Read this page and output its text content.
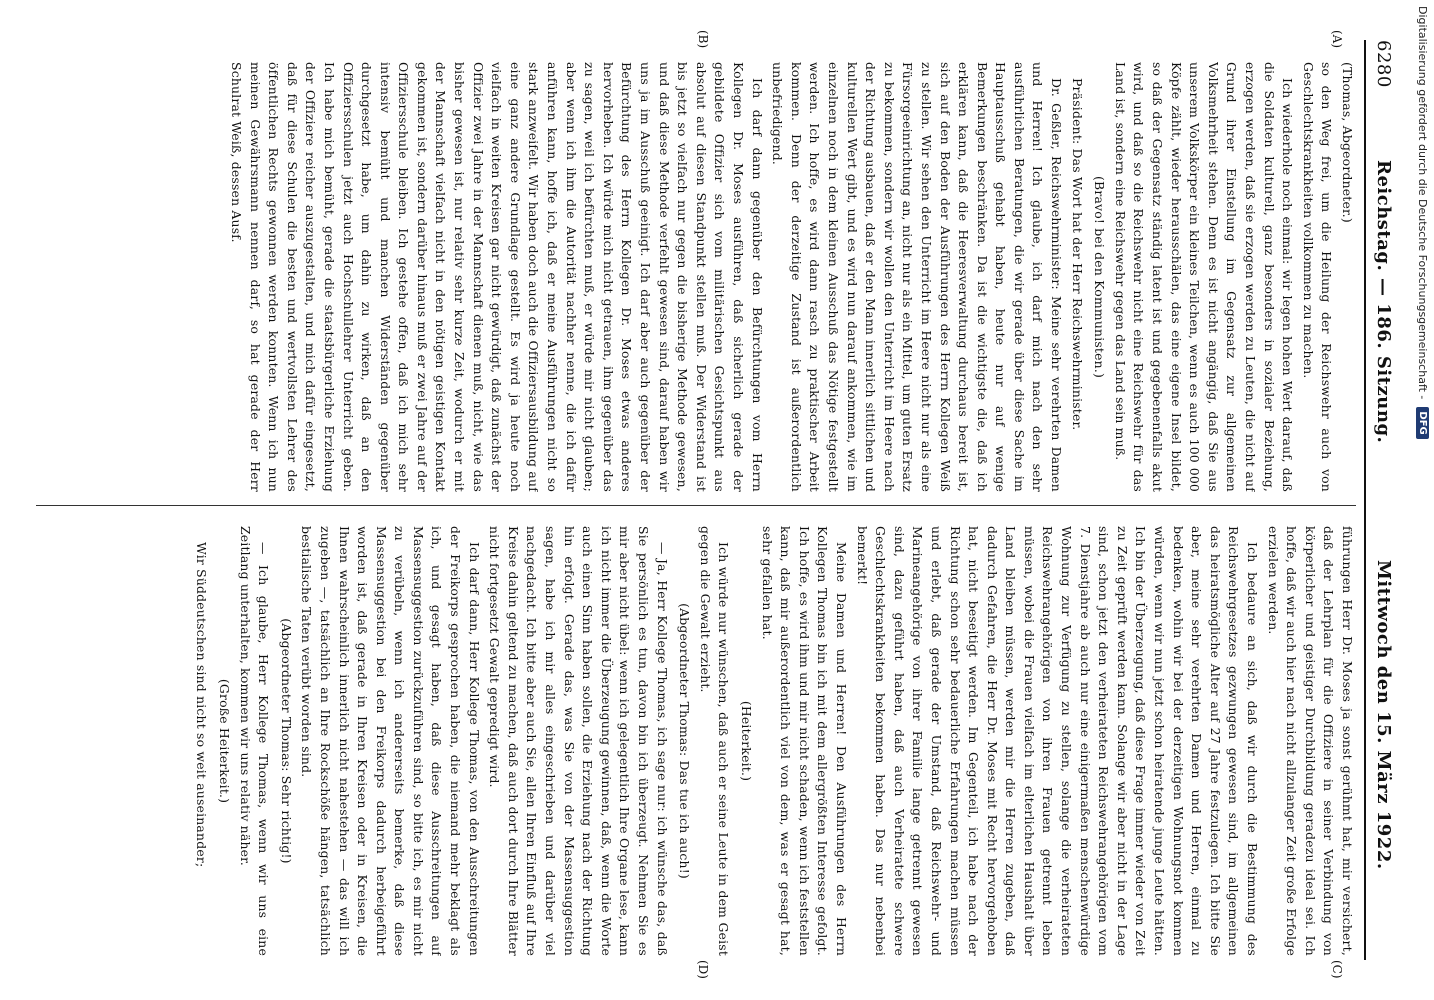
6280
Reichstag. — 186. Sitzung.
Mittwoch den 15. März 1922.
(A)
(B)
(C)
(D)

(Thomas, Abgeordneter.)

so den Weg frei, um die Heilung der Reichswehr auch von Geschlechtskrankheiten vollkommen zu machen.

Ich wiederhole noch einmal: wir legen hohen Wert darauf, daß die Soldaten kulturell, ganz besonders in sozialer Beziehung, erzogen werden, daß sie erzogen werden zu Leuten, die nicht auf Grund ihrer Einstellung im Gegensatz zur allgemeinen Volksmehrheit stehen. Denn es ist nicht angängig, daß Sie aus unserem Volkskörper ein kleines Teilchen, wenn es auch 100 000 Köpfe zählt, wieder herausschälen, das eine eigene Insel bildet, so daß der Gegensatz ständig latent ist und gegebenenfalls akut wird, und daß so die Reichswehr nicht eine Reichswehr für das Land ist, sondern eine Reichswehr gegen das Land sein muß.

(Bravo! bei den Kommunisten.)

Präsident: Das Wort hat der Herr Reichswehrminister.

Dr. Geßler, Reichswehrminister: Meine sehr verehrten Damen und Herren! Ich glaube, ich darf mich nach den sehr ausführlichen Beratungen, die wir gerade über diese Sache im Hauptausschuß gehabt haben, heute nur auf wenige Bemerkungen beschränken. Da ist die wichtigste die, daß ich erklären kann, daß die Heeresverwaltung durchaus bereit ist, sich auf den Boden der Ausführungen des Herrn Kollegen Weiß zu stellen. Wir sehen den Unterricht im Heere nicht nur als eine Fürsorgeeinrichtung an, nicht nur als ein Mittel, um guten Ersatz zu bekommen, sondern wir wollen den Unterricht im Heere nach der Richtung ausbauen, daß er den Mann innerlich sittlichen und kulturellen Wert gibt, und es wird nun darauf ankommen, wie im einzelnen noch in dem kleinen Ausschuß das Nötige festgestellt werden. Ich hoffe, es wird dann rasch zu praktischer Arbeit kommen. Denn der derzeitige Zustand ist außerordentlich unbefriedigend.

Ich darf dann gegenüber den Befürchtungen vom Herrn Kollegen Dr. Moses ausführen, daß sicherlich gerade der gebildete Offizier sich vom militärischen Gesichtspunkt aus absolut auf diesen Standpunkt stellen muß. Der Widerstand ist bis jetzt so vielfach nur gegen die bisherige Methode gewesen, und daß diese Methode verfehlt gewesen sind, darauf haben wir uns ja im Ausschuß geeinigt. Ich darf aber auch gegenüber der Befürchtung des Herrn Kollegen Dr. Moses etwas anderes hervorheben. Ich würde mich nicht getrauen, ihm gegenüber das zu sagen, weil ich befürchten muß, er würde mir nicht glauben; aber wenn ich ihm die Autorität nachher nenne, die ich dafür anführen kann, hoffe ich, daß er meine Ausführungen nicht so stark anzweifelt. Wir haben doch auch die Offiziersausbildung auf eine ganz andere Grundlage gestellt. Es wird ja heute noch vielfach in weiten Kreisen gar nicht gewürdigt, daß zunächst der Offizier zwei Jahre in der Mannschaft dienen muß, nicht, wie das bisher gewesen ist, nur relativ sehr kurze Zeit, wodurch er mit der Mannschaft vielfach nicht in den nötigen geistigen Kontakt gekommen ist, sondern darüber hinaus muß er zwei Jahre auf der Offiziersschule bleiben. Ich gestehe offen, daß ich mich sehr intensiv bemüht und manchen Widerständen gegenüber durchgesetzt habe, um dahin zu wirken, daß an den Offiziersschulen jetzt auch Hochschullehrer Unterricht geben. Ich habe mich bemüht, gerade die staatsbürgerliche Erziehung der Offiziere reicher auszugestalten, und mich dafür eingesetzt, daß für diese Schulen die besten und wertvollsten Lehrer des öffentlichen Rechts gewonnen werden konnten. Wenn ich nun meinen Gewährsmann nennen darf, so hat gerade der Herr Schulrat Weiß, dessen Ausf.

führungen Herr Dr. Moses ja sonst gerühmt hat, mir versichert, daß der Lehrplan für die Offiziere in seiner Verbindung von körperlicher und geistiger Durchbildung geradezu ideal sei. Ich hoffe, daß wir auch hier nach nicht allzulanger Zeit große Erfolge erzielen werden.

Ich bedaure an sich, daß wir durch die Bestimmung des Reichswehrgesetzes gezwungen gewesen sind, im allgemeinen das heiratsmögliche Alter auf 27 Jahre festzulegen. Ich bitte Sie aber, meine sehr verehrten Damen und Herren, einmal zu bedenken, wohin wir bei der derzeitigen Wohnungsnot kommen würden, wenn wir nun jetzt schon heiratende junge Leute hätten. Ich bin der Überzeugung, daß diese Frage immer wieder von Zeit zu Zeit geprüft werden kann. Solange wir aber nicht in der Lage sind, schon jetzt den verheirateten Reichswehrangehörigen vom 7. Dienstjahre ab auch nur eine einigermaßen menschenwürdige Wohnung zur Verfügung zu stellen, solange die verheirateten Reichswehrangehörigen von ihren Frauen getrennt leben müssen, wobei die Frauen vielfach im elterlichen Haushalt über Land bleiben müssen, werden mir die Herren zugeben, daß dadurch Gefahren, die Herr Dr. Moses mit Recht hervorgehoben hat, nicht beseitigt werden. Im Gegenteil, ich habe nach der Richtung schon sehr bedauerliche Erfahrungen machen müssen und erlebt, daß gerade der Umstand, daß Reichswehr- und Marineangehörige von ihrer Familie lange getrennt gewesen sind, dazu geführt haben, daß auch Verheiratete schwere Geschlechtskrankheiten bekommen haben. Das nur nebenbei bemerkt!

Meine Damen und Herren! Den Ausführungen des Herrn Kollegen Thomas bin ich mit dem allergrößten Interesse gefolgt. Ich hoffe, es wird ihm und mir nicht schaden, wenn ich feststellen kann, daß mir außerordentlich viel von dem, was er gesagt hat, sehr gefallen hat.

(Heiterkeit.)

Ich würde nur wünschen, daß auch er seine Leute in dem Geist gegen die Gewalt erzieht.

(Abgeordneter Thomas: Das tue ich auch!)

— Ja, Herr Kollege Thomas, ich sage nur: ich wünsche das, daß Sie persönlich es tun, davon bin ich überzeugt. Nehmen Sie es mir aber nicht übel: wenn ich gelegentlich Ihre Organe lese, kann ich nicht immer die Überzeugung gewinnen, daß, wenn die Worte auch einen Sinn haben sollen, die Erziehung nach der Richtung hin erfolgt. Gerade das, was Sie von der Massensuggestion sagen, habe ich mir alles eingeschrieben und darüber viel nachgedacht. Ich bitte aber auch Sie, allen Ihren Einfluß auf Ihre Kreise dahin geltend zu machen, daß auch dort durch Ihre Blätter nicht fortgesetzt Gewalt gepredigt wird.

Ich darf dann, Herr Kollege Thomas, von den Ausschreitungen der Freikorps gesprochen haben, die niemand mehr beklagt als ich, und gesagt haben, daß diese Ausschreitungen auf Massensuggestion zurückzuführen sind, so bitte ich, es mir nicht zu verübeln, wenn ich andererseits bemerke, daß diese Massensuggestion bei den Freikorps dadurch herbeigeführt worden ist, daß gerade in Ihren Kreisen oder in Kreisen, die Ihnen wahrscheinlich innerlich nicht nahestehen — das will ich zugeben —, tatsächlich an Ihre Rockschöße hängen, tatsächlich bestialische Taten verübt worden sind.

(Abgeordneter Thomas: Sehr richtig!)

— Ich glaube, Herr Kollege Thomas, wenn wir uns eine Zeitlang unterhalten, kommen wir uns relativ näher.

(Große Heiterkeit.)

Wir Süddeutschen sind nicht so weit auseinander;

Digitalisierung gefördert durch die Deutsche Forschungsgemeinschaft -
DFG
